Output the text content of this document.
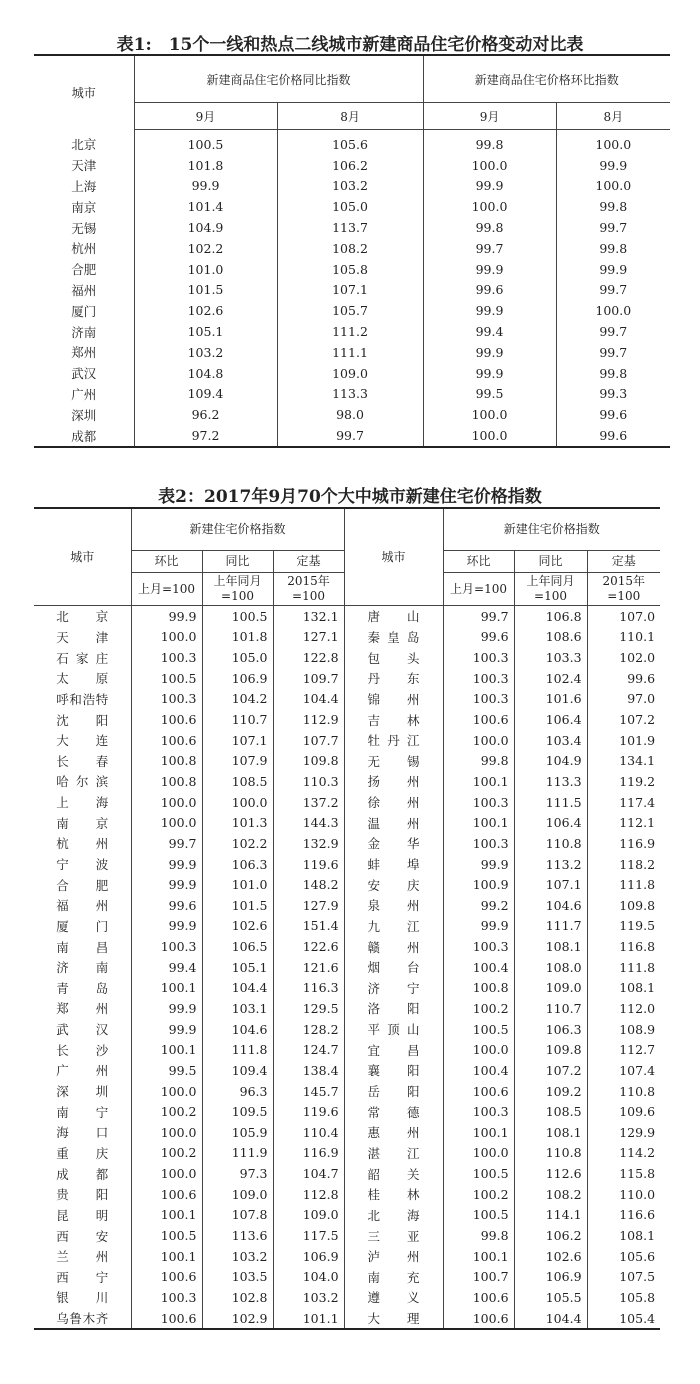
表1:　15个一线和热点二线城市新建商品住宅价格变动对比表
城市	新建商品住宅价格同比指数		新建商品住宅价格环比指数	
	9月	8月	9月	8月
北京	100.5	105.6	99.8	100.0
天津	101.8	106.2	100.0	99.9
上海	99.9	103.2	99.9	100.0
南京	101.4	105.0	100.0	99.8
无锡	104.9	113.7	99.8	99.7
杭州	102.2	108.2	99.7	99.8
合肥	101.0	105.8	99.9	99.9
福州	101.5	107.1	99.6	99.7
厦门	102.6	105.7	99.9	100.0
济南	105.1	111.2	99.4	99.7
郑州	103.2	111.1	99.9	99.7
武汉	104.8	109.0	99.9	99.8
广州	109.4	113.3	99.5	99.3
深圳	96.2	98.0	100.0	99.6
成都	97.2	99.7	100.0	99.6
表2：2017年9月70个大中城市新建住宅价格指数
城市	新建住宅价格指数			城市	新建住宅价格指数		
	环比	同比	定基		环比	同比	定基
	上月=100	上年同月=100	2015年=100		上月=100	上年同月=100	2015年=100
北京	99.9	100.5	132.1	唐山	99.7	106.8	107.0
天津	100.0	101.8	127.1	秦皇岛	99.6	108.6	110.1
石家庄	100.3	105.0	122.8	包头	100.3	103.3	102.0
太原	100.5	106.9	109.7	丹东	100.3	102.4	99.6
呼和浩特	100.3	104.2	104.4	锦州	100.3	101.6	97.0
沈阳	100.6	110.7	112.9	吉林	100.6	106.4	107.2
大连	100.6	107.1	107.7	牡丹江	100.0	103.4	101.9
长春	100.8	107.9	109.8	无锡	99.8	104.9	134.1
哈尔滨	100.8	108.5	110.3	扬州	100.1	113.3	119.2
上海	100.0	100.0	137.2	徐州	100.3	111.5	117.4
南京	100.0	101.3	144.3	温州	100.1	106.4	112.1
杭州	99.7	102.2	132.9	金华	100.3	110.8	116.9
宁波	99.9	106.3	119.6	蚌埠	99.9	113.2	118.2
合肥	99.9	101.0	148.2	安庆	100.9	107.1	111.8
福州	99.6	101.5	127.9	泉州	99.2	104.6	109.8
厦门	99.9	102.6	151.4	九江	99.9	111.7	119.5
南昌	100.3	106.5	122.6	赣州	100.3	108.1	116.8
济南	99.4	105.1	121.6	烟台	100.4	108.0	111.8
青岛	100.1	104.4	116.3	济宁	100.8	109.0	108.1
郑州	99.9	103.1	129.5	洛阳	100.2	110.7	112.0
武汉	99.9	104.6	128.2	平顶山	100.5	106.3	108.9
长沙	100.1	111.8	124.7	宜昌	100.0	109.8	112.7
广州	99.5	109.4	138.4	襄阳	100.4	107.2	107.4
深圳	100.0	96.3	145.7	岳阳	100.6	109.2	110.8
南宁	100.2	109.5	119.6	常德	100.3	108.5	109.6
海口	100.0	105.9	110.4	惠州	100.1	108.1	129.9
重庆	100.2	111.9	116.9	湛江	100.0	110.8	114.2
成都	100.0	97.3	104.7	韶关	100.5	112.6	115.8
贵阳	100.6	109.0	112.8	桂林	100.2	108.2	110.0
昆明	100.1	107.8	109.0	北海	100.5	114.1	116.6
西安	100.5	113.6	117.5	三亚	99.8	106.2	108.1
兰州	100.1	103.2	106.9	泸州	100.1	102.6	105.6
西宁	100.6	103.5	104.0	南充	100.7	106.9	107.5
银川	100.3	102.8	103.2	遵义	100.6	105.5	105.8
乌鲁木齐	100.6	102.9	101.1	大理	100.6	104.4	105.4
